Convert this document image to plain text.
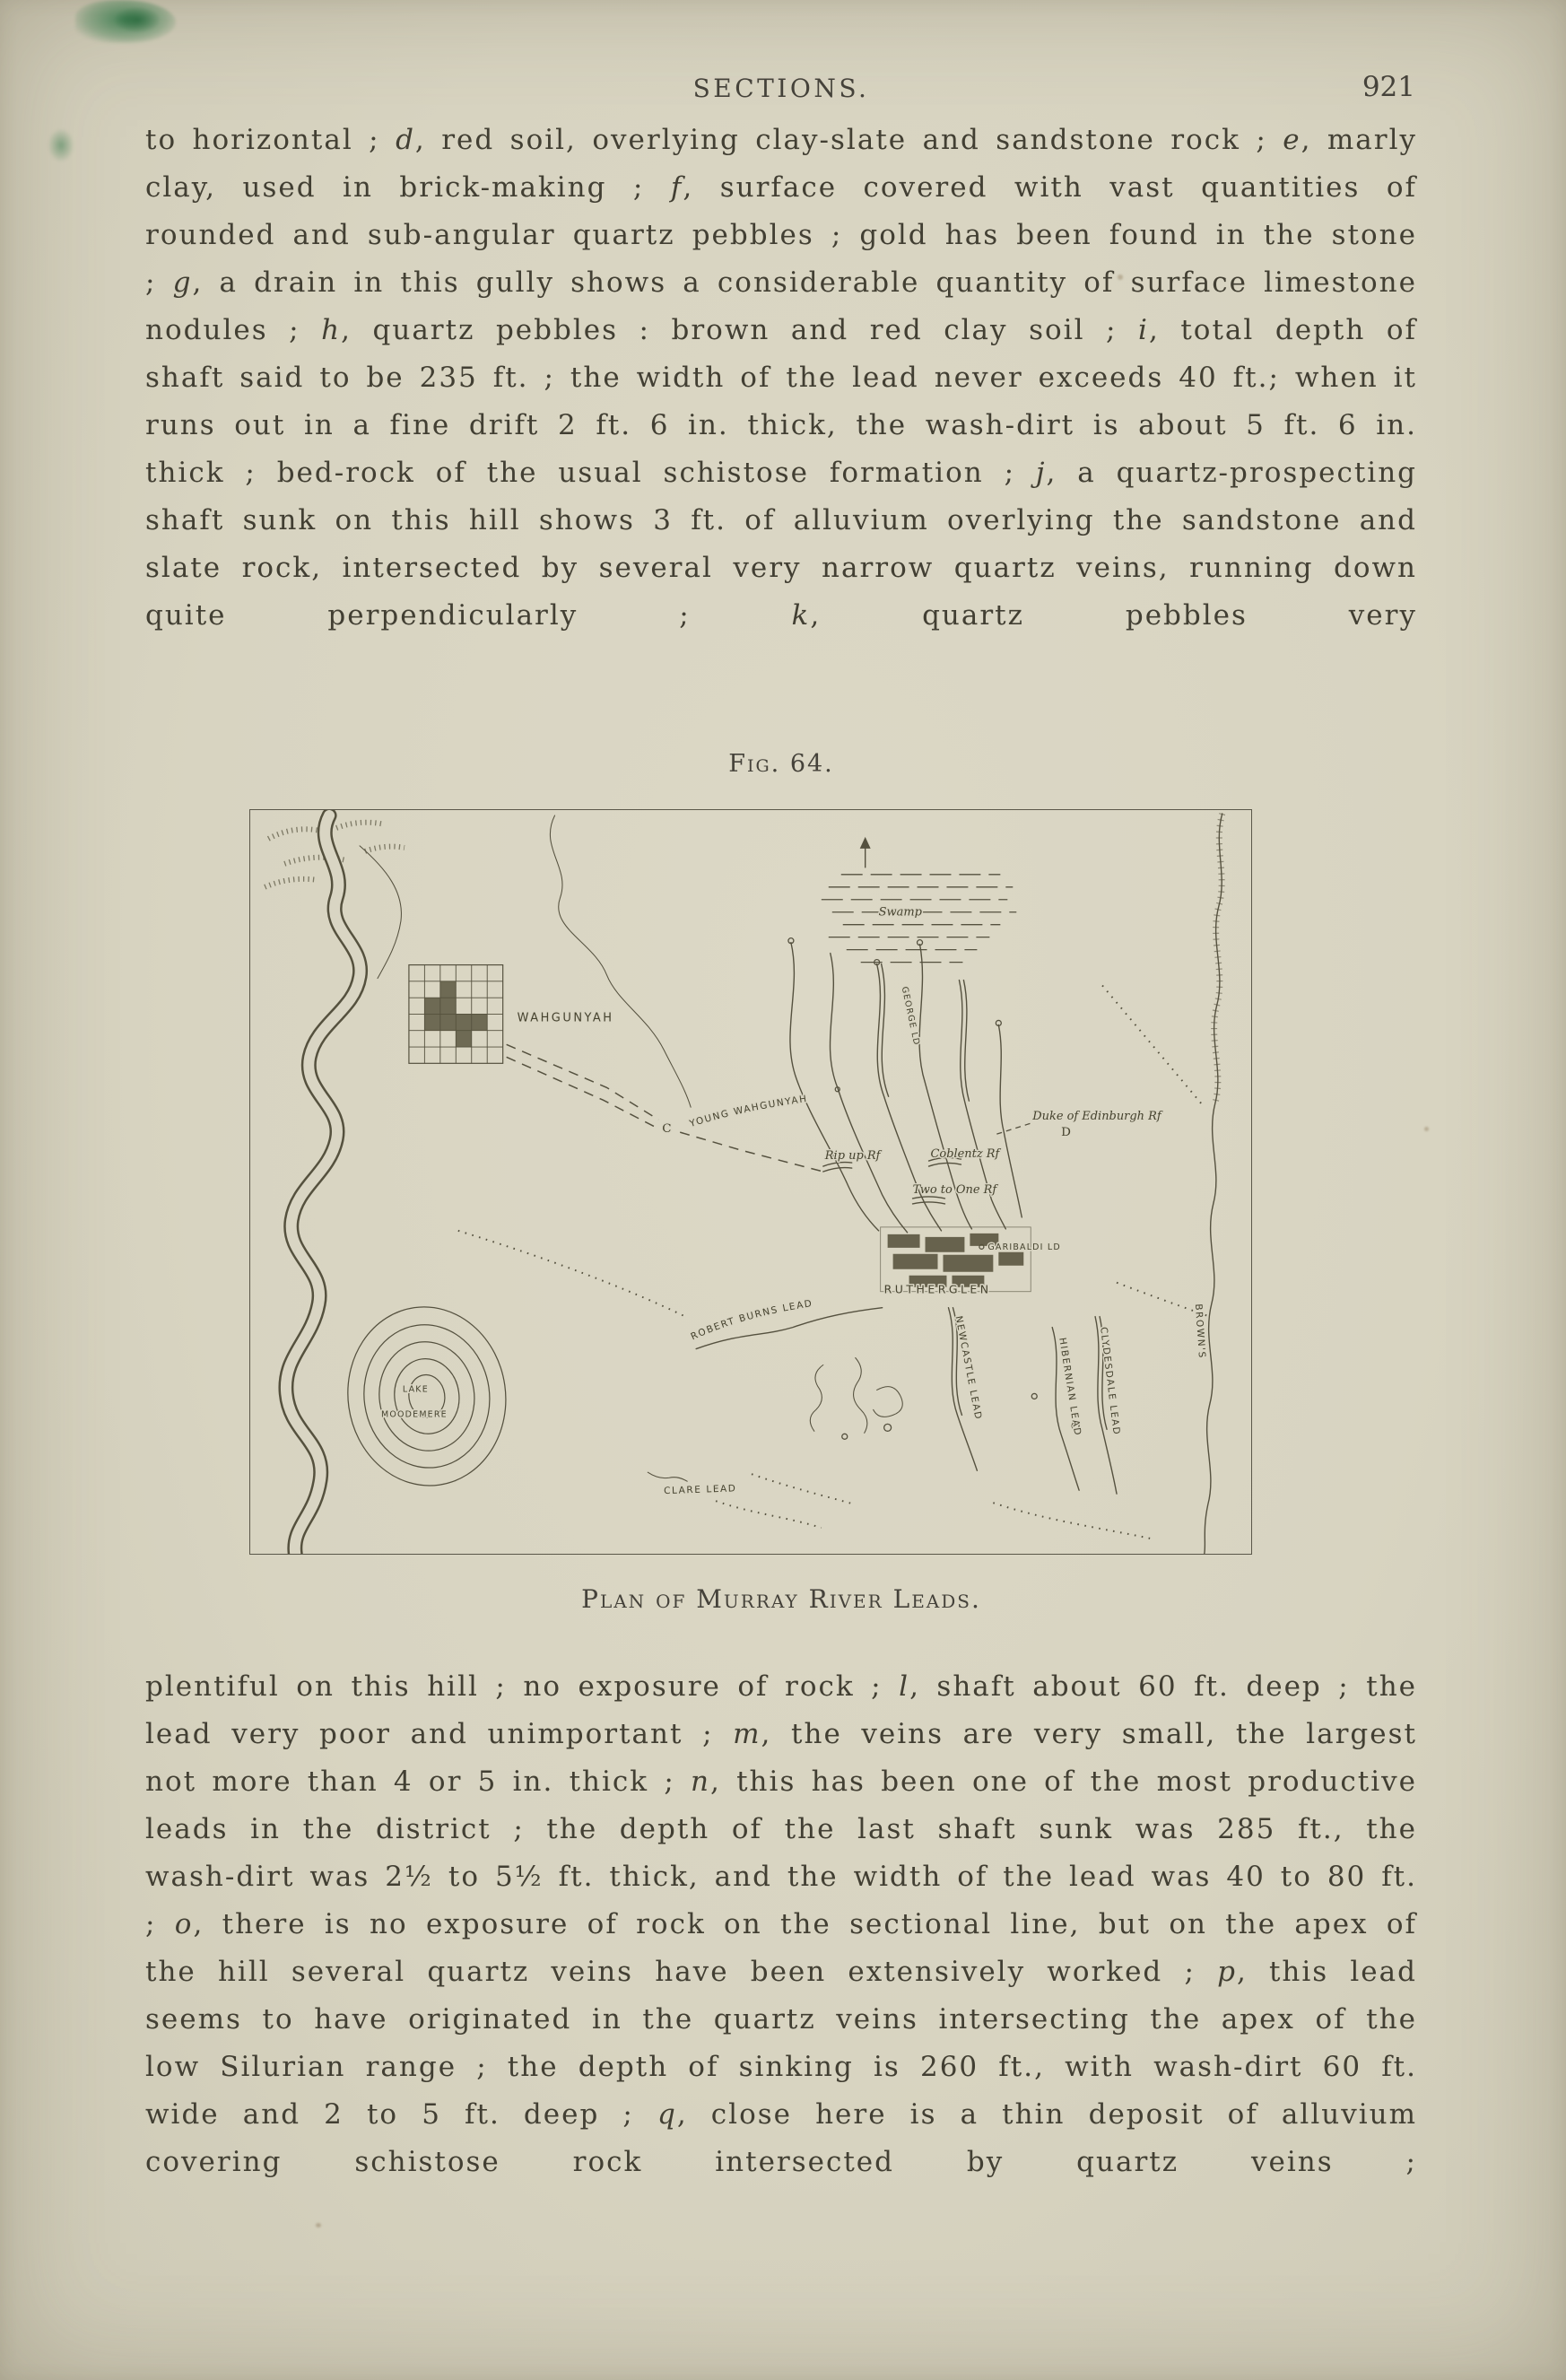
SECTIONS.	921

to horizontal ; d, red soil, overlying clay-slate and sandstone rock ; e, marly clay, used in brick-making ; f, surface covered with vast quantities of rounded and sub-angular quartz pebbles ; gold has been found in the stone ; g, a drain in this gully shows a considerable quantity of surface limestone nodules ; h, quartz pebbles : brown and red clay soil ; i, total depth of shaft said to be 235 ft. ; the width of the lead never exceeds 40 ft.; when it runs out in a fine drift 2 ft. 6 in. thick, the wash-dirt is about 5 ft. 6 in. thick ; bed-rock of the usual schistose formation ; j, a quartz-prospecting shaft sunk on this hill shows 3 ft. of alluvium overlying the sandstone and slate rock, intersected by several very narrow quartz veins, running down quite perpendicularly ; k, quartz pebbles very

Fig. 64.
WAHGUNYAH
C
Swamp
GARIBALDI LD
RUTHERGLEN
ROBERT BURNS LEAD
YOUNG WAHGUNYAH
CLARE LEAD
LAKE
MOODEMERE
Duke of Edinburgh Rf
Coblentz Rf
Rip up Rf
Two to One Rf
D
NEWCASTLE LEAD	HIBERNIAN LEAD CLYDESDALE LEAD	BROWN'S
GEORGE LD
Plan of Murray River Leads.

plentiful on this hill ; no exposure of rock ; l, shaft about 60 ft. deep ; the lead very poor and unimportant ; m, the veins are very small, the largest not more than 4 or 5 in. thick ; n, this has been one of the most productive leads in the district ; the depth of the last shaft sunk was 285 ft., the wash-dirt was 2½ to 5½ ft. thick, and the width of the lead was 40 to 80 ft. ; o, there is no exposure of rock on the sectional line, but on the apex of the hill several quartz veins have been extensively worked ; p, this lead seems to have originated in the quartz veins intersecting the apex of the low Silurian range ; the depth of sinking is 260 ft., with wash-dirt 60 ft. wide and 2 to 5 ft. deep ; q, close here is a thin deposit of alluvium covering schistose rock intersected by quartz veins ;
